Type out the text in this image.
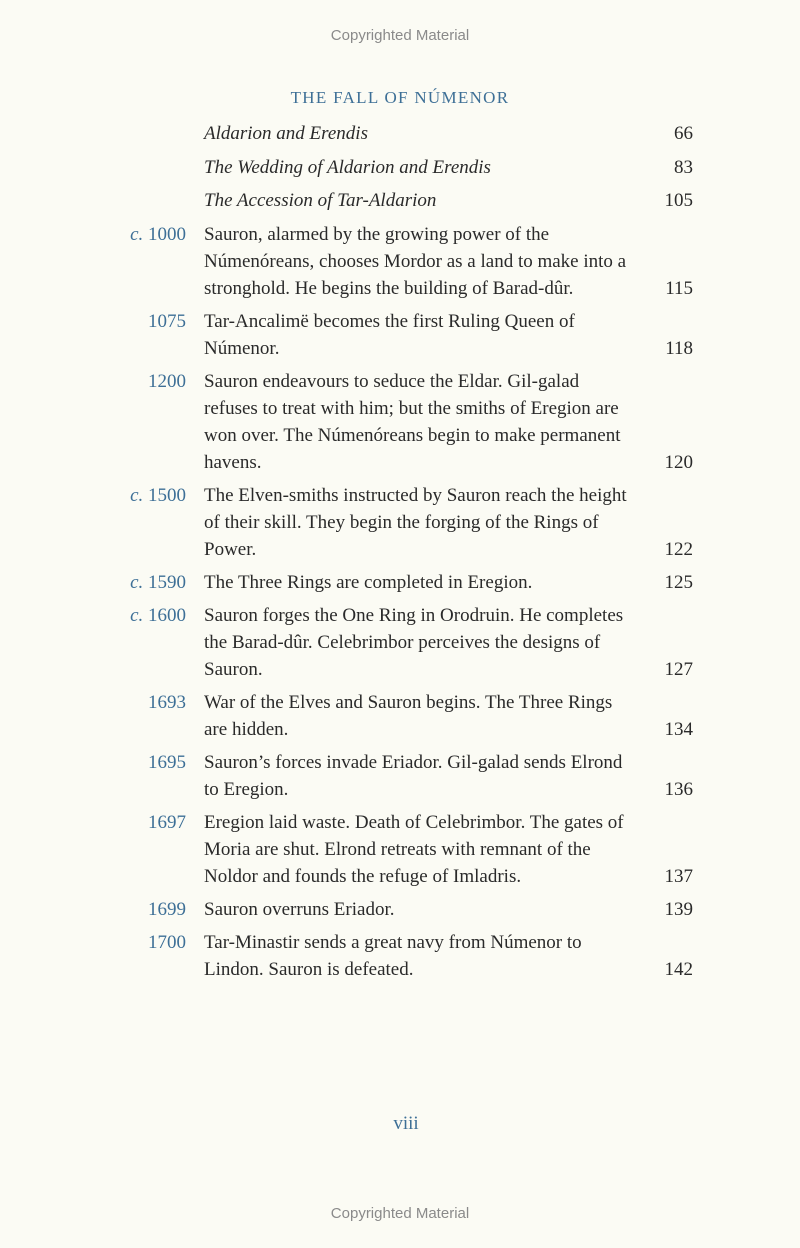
Copyrighted Material
THE FALL OF NÚMENOR
Aldarion and Erendis	66
The Wedding of Aldarion and Erendis	83
The Accession of Tar-Aldarion	105
c. 1000 Sauron, alarmed by the growing power of the Númenóreans, chooses Mordor as a land to make into a stronghold. He begins the building of Barad-dûr.	115
1075 Tar-Ancalimë becomes the first Ruling Queen of Númenor.	118
1200 Sauron endeavours to seduce the Eldar. Gil-galad refuses to treat with him; but the smiths of Eregion are won over. The Númenóreans begin to make permanent havens.	120
c. 1500 The Elven-smiths instructed by Sauron reach the height of their skill. They begin the forging of the Rings of Power.	122
c. 1590 The Three Rings are completed in Eregion.	125
c. 1600 Sauron forges the One Ring in Orodruin. He completes the Barad-dûr. Celebrimbor perceives the designs of Sauron.	127
1693 War of the Elves and Sauron begins. The Three Rings are hidden.	134
1695 Sauron’s forces invade Eriador. Gil-galad sends Elrond to Eregion.	136
1697 Eregion laid waste. Death of Celebrimbor. The gates of Moria are shut. Elrond retreats with remnant of the Noldor and founds the refuge of Imladris.	137
1699 Sauron overruns Eriador.	139
1700 Tar-Minastir sends a great navy from Númenor to Lindon. Sauron is defeated.	142
viii
Copyrighted Material
